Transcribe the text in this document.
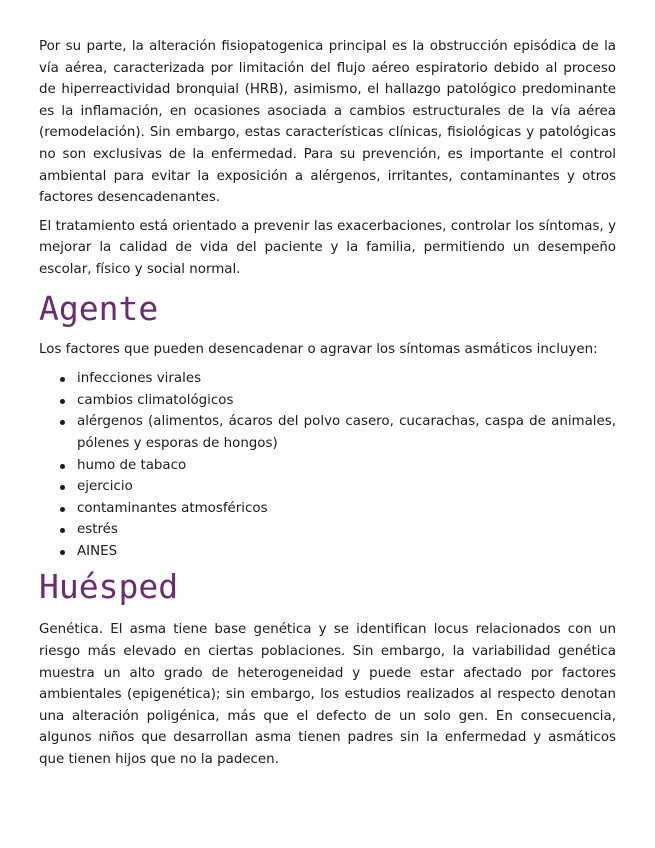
Por su parte, la alteración fisiopatogenica principal es la obstrucción episódica de la vía aérea, caracterizada por limitación del flujo aéreo espiratorio debido al proceso de hiperreactividad bronquial (HRB), asimismo, el hallazgo patológico predominante es la inflamación, en ocasiones asociada a cambios estructurales de la vía aérea (remodelación). Sin embargo, estas características clínicas, fisiológicas y patológicas no son exclusivas de la enfermedad. Para su prevención, es importante el control ambiental para evitar la exposición a alérgenos, irritantes, contaminantes y otros factores desencadenantes.

El tratamiento está orientado a prevenir las exacerbaciones, controlar los síntomas, y mejorar la calidad de vida del paciente y la familia, permitiendo un desempeño escolar, físico y social normal.

Agente

Los factores que pueden desencadenar o agravar los síntomas asmáticos incluyen:

infecciones virales
cambios climatológicos
alérgenos (alimentos, ácaros del polvo casero, cucarachas, caspa de animales, pólenes y esporas de hongos)
humo de tabaco
ejercicio
contaminantes atmosféricos
estrés
AINES
Huésped

Genética. El asma tiene base genética y se identifican locus relacionados con un riesgo más elevado en ciertas poblaciones. Sin embargo, la variabilidad genética muestra un alto grado de heterogeneidad y puede estar afectado por factores ambientales (epigenética); sin embargo, los estudios realizados al respecto denotan una alteración poligénica, más que el defecto de un solo gen. En consecuencia, algunos niños que desarrollan asma tienen padres sin la enfermedad y asmáticos que tienen hijos que no la padecen.
